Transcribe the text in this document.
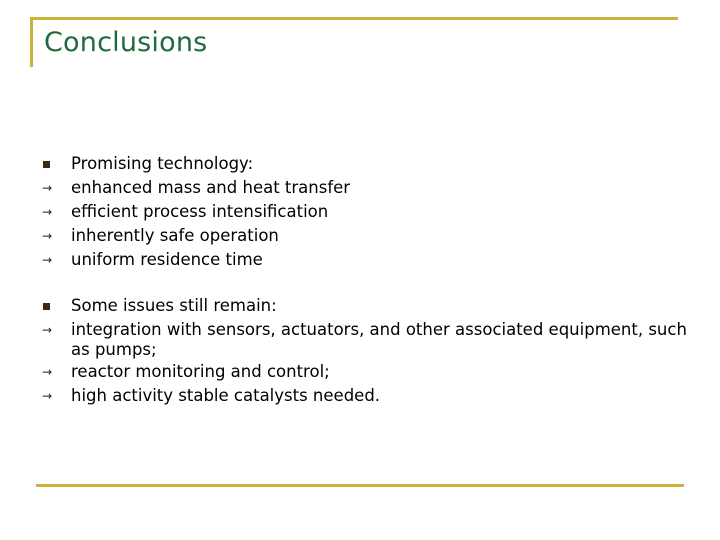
Conclusions
Promising technology:
→ enhanced mass and heat transfer
→ efficient process intensification
→ inherently safe operation
→ uniform residence time
Some issues still remain:
→ integration with sensors, actuators, and other associated equipment, such as pumps;
→ reactor monitoring and control;
→ high activity stable catalysts needed.
